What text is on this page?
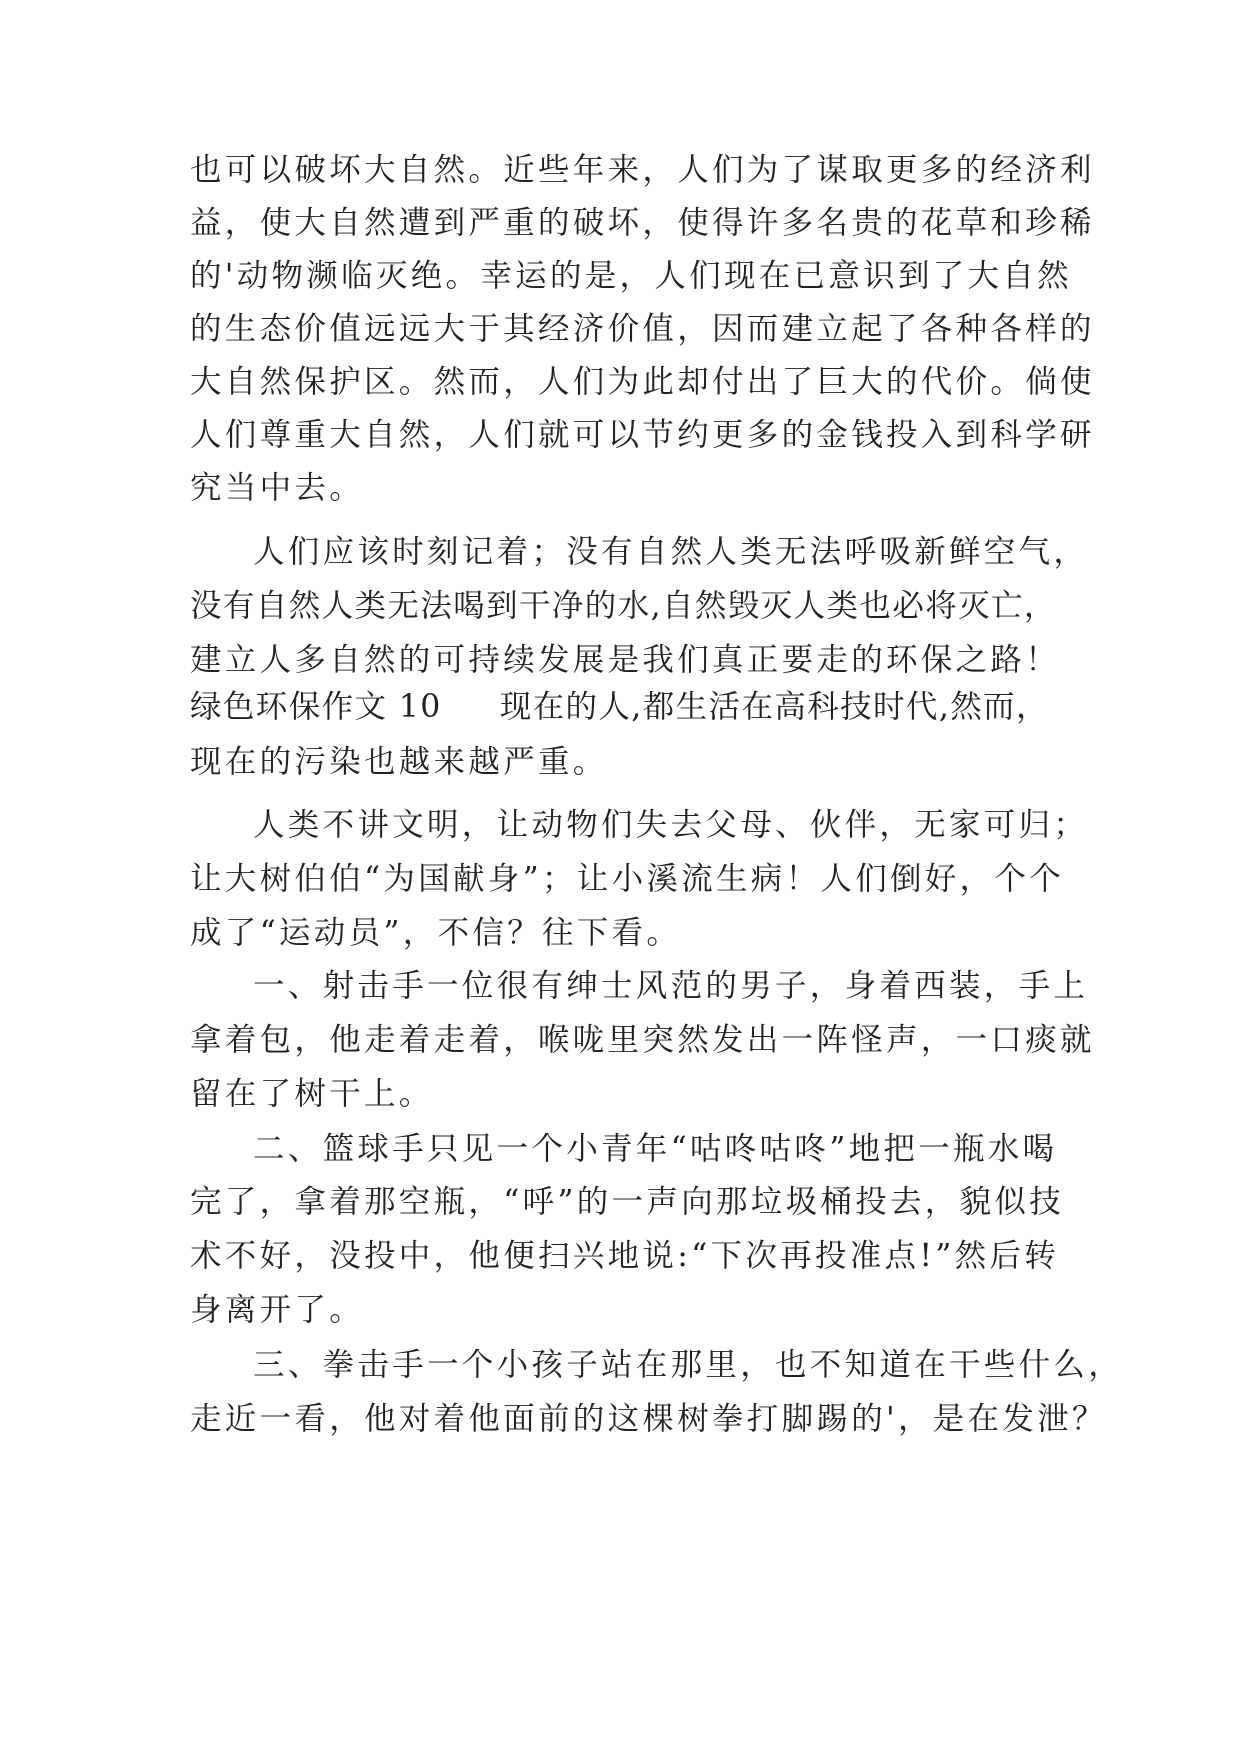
也可以破坏大自然。近些年来，人们为了谋取更多的经济利
益，使大自然遭到严重的破坏，使得许多名贵的花草和珍稀
的'动物濒临灭绝。幸运的是，人们现在已意识到了大自然
的生态价值远远大于其经济价值，因而建立起了各种各样的
大自然保护区。然而，人们为此却付出了巨大的代价。倘使
人们尊重大自然，人们就可以节约更多的金钱投入到科学研
究当中去。
人们应该时刻记着；没有自然人类无法呼吸新鲜空气，
没有自然人类无法喝到干净的水,自然毁灭人类也必将灭亡，
建立人多自然的可持续发展是我们真正要走的环保之路！
绿色环保作文 10 现在的人,都生活在高科技时代,然而，
现在的污染也越来越严重。
人类不讲文明，让动物们失去父母、伙伴，无家可归；
让大树伯伯“为国献身”；让小溪流生病！人们倒好，个个
成了“运动员”，不信？往下看。
一、射击手一位很有绅士风范的男子，身着西装，手上
拿着包，他走着走着，喉咙里突然发出一阵怪声，一口痰就
留在了树干上。
二、篮球手只见一个小青年“咕咚咕咚”地把一瓶水喝
完了，拿着那空瓶，“呼”的一声向那垃圾桶投去，貌似技
术不好，没投中，他便扫兴地说:“下次再投准点!”然后转
身离开了。
三、拳击手一个小孩子站在那里，也不知道在干些什么，
走近一看，他对着他面前的这棵树拳打脚踢的'，是在发泄？
